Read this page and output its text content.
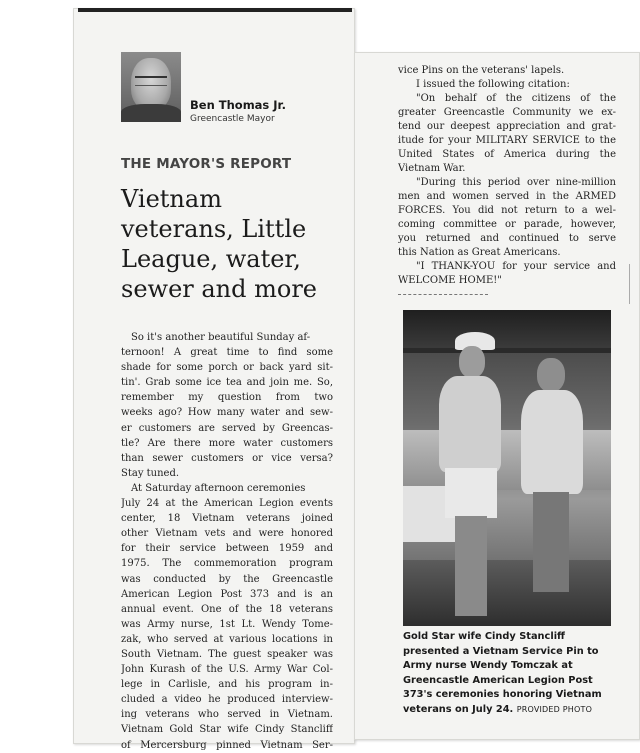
Ben Thomas Jr.
Greencastle Mayor
THE MAYOR'S REPORT
Vietnam
veterans, Little
League, water,
sewer and more
So it's another beautiful Sunday af-
ternoon! A great time to find some
shade for some porch or back yard sit-
tin'. Grab some ice tea and join me. So,
remember my question from two
weeks ago? How many water and sew-
er customers are served by Greencas-
tle? Are there more water customers
than sewer customers or vice versa?
Stay tuned.
At Saturday afternoon ceremonies
July 24 at the American Legion events
center, 18 Vietnam veterans joined
other Vietnam vets and were honored
for their service between 1959 and
1975. The commemoration program
was conducted by the Greencastle
American Legion Post 373 and is an
annual event. One of the 18 veterans
was Army nurse, 1st Lt. Wendy Tome-
zak, who served at various locations in
South Vietnam. The guest speaker was
John Kurash of the U.S. Army War Col-
lege in Carlisle, and his program in-
cluded a video he produced interview-
ing veterans who served in Vietnam.
Vietnam Gold Star wife Cindy Stancliff
of Mercersburg pinned Vietnam Ser-
vice Pins on the veterans' lapels.
I issued the following citation:
"On behalf of the citizens of the
greater Greencastle Community we ex-
tend our deepest appreciation and grat-
itude for your MILITARY SERVICE to the
United States of America during the
Vietnam War.
"During this period over nine-million
men and women served in the ARMED
FORCES. You did not return to a wel-
coming committee or parade, however,
you returned and continued to serve
this Nation as Great Americans.
"I THANK-YOU for your service and
WELCOME HOME!"
Gold Star wife Cindy Stancliff
presented a Vietnam Service Pin to
Army nurse Wendy Tomczak at
Greencastle American Legion Post
373's ceremonies honoring Vietnam
veterans on July 24. PROVIDED PHOTO
